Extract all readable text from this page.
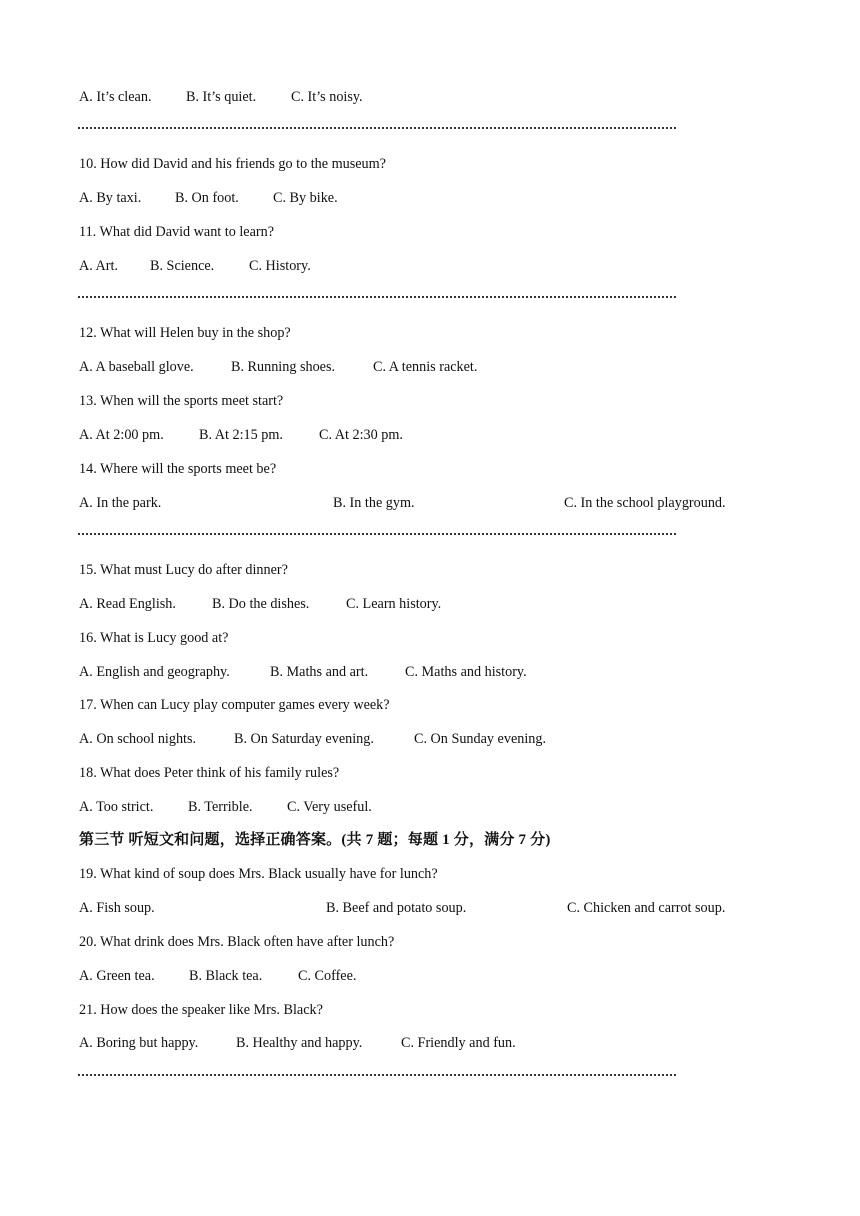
A. It’s clean. B. It’s quiet. C. It’s noisy.
10. How did David and his friends go to the museum?
A. By taxi. B. On foot. C. By bike.
11. What did David want to learn?
A. Art. B. Science. C. History.
12. What will Helen buy in the shop?
A. A baseball glove.	B. Running shoes.	C. A tennis racket.
13. When will the sports meet start?
A. At 2:00 pm. B. At 2:15 pm.	C. At 2:30 pm.
14. Where will the sports meet be?
A. In the park.	B. In the gym.	C. In the school playground.
15. What must Lucy do after dinner?
A. Read English.	B. Do the dishes.	C. Learn history.
16. What is Lucy good at?
A. English and geography.	B. Maths and art.	C. Maths and history.
17. When can Lucy play computer games every week?
A. On school nights.	B. On Saturday evening.	C. On Sunday evening.
18. What does Peter think of his family rules?
A. Too strict. B. Terrible. C. Very useful.
第三节 听短文和问题，选择正确答案。(共 7 题；每题 1 分，满分 7 分)
19. What kind of soup does Mrs. Black usually have for lunch?
A. Fish soup.	B. Beef and potato soup.	C. Chicken and carrot soup.
20. What drink does Mrs. Black often have after lunch?
A. Green tea. B. Black tea.	C. Coffee.
21. How does the speaker like Mrs. Black?
A. Boring but happy.	B. Healthy and happy.	C. Friendly and fun.
